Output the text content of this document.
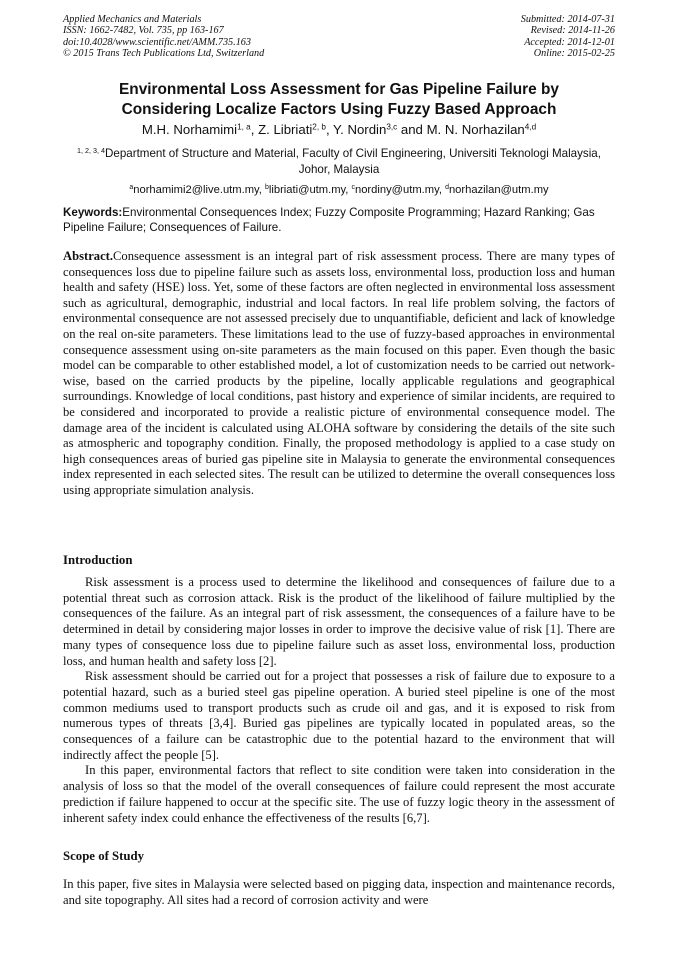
Applied Mechanics and Materials
ISSN: 1662-7482, Vol. 735, pp 163-167
doi:10.4028/www.scientific.net/AMM.735.163
© 2015 Trans Tech Publications Ltd, Switzerland
Submitted: 2014-07-31
Revised: 2014-11-26
Accepted: 2014-12-01
Online: 2015-02-25
Environmental Loss Assessment for Gas Pipeline Failure by
Considering Localize Factors Using Fuzzy Based Approach
M.H. Norhamimi$^{1, a}$, Z. Libriati$^{2, b}$, Y. Nordin$^{3,c}$ and M. N. Norhazilan$^{4,d}$
$^{1, 2, 3, 4}$Department of Structure and Material, Faculty of Civil Engineering, Universiti Teknologi Malaysia, Johor, Malaysia
$^a$norhamimi2@live.utm.my, $^b$libriati@utm.my, $^c$nordiny@utm.my, $^d$norhazilan@utm.my
Keywords:Environmental Consequences Index; Fuzzy Composite Programming; Hazard Ranking; Gas Pipeline Failure; Consequences of Failure.
Abstract.Consequence assessment is an integral part of risk assessment process. There are many types of consequences loss due to pipeline failure such as assets loss, environmental loss, production loss and human health and safety (HSE) loss. Yet, some of these factors are often neglected in environmental loss assessment such as agricultural, demographic, industrial and local factors. In real life problem solving, the factors of environmental consequence are not assessed precisely due to unquantifiable, deficient and lack of knowledge on the real on-site parameters. These limitations lead to the use of fuzzy-based approaches in environmental consequence assessment using on-site parameters as the main focused on this paper. Even though the basic model can be comparable to other established model, a lot of customization needs to be carried out network-wise, based on the carried products by the pipeline, locally applicable regulations and geographical surroundings. Knowledge of local conditions, past history and experience of similar incidents, are required to be considered and incorporated to provide a realistic picture of environmental consequence model. The damage area of the incident is calculated using ALOHA software by considering the details of the site such as atmospheric and topography condition. Finally, the proposed methodology is applied to a case study on high consequences areas of buried gas pipeline site in Malaysia to generate the environmental consequences index represented in each selected sites. The result can be utilized to determine the overall consequences loss using appropriate simulation analysis.
Introduction

Risk assessment is a process used to determine the likelihood and consequences of failure due to a potential threat such as corrosion attack. Risk is the product of the likelihood of failure multiplied by the consequences of the failure. As an integral part of risk assessment, the consequences of a failure have to be determined in detail by considering major losses in order to improve the decisive value of risk [1]. There are many types of consequence loss due to pipeline failure such as asset loss, environmental loss, production loss, and human health and safety loss [2].

Risk assessment should be carried out for a project that possesses a risk of failure due to exposure to a potential hazard, such as a buried steel gas pipeline operation. A buried steel pipeline is one of the most common mediums used to transport products such as crude oil and gas, and it is exposed to risk from numerous types of threats [3,4]. Buried gas pipelines are typically located in populated areas, so the consequences of a failure can be catastrophic due to the potential hazard to the environment that will indirectly affect the people [5].

In this paper, environmental factors that reflect to site condition were taken into consideration in the analysis of loss so that the model of the overall consequences of failure could represent the most accurate prediction if failure happened to occur at the specific site. The use of fuzzy logic theory in the assessment of inherent safety index could enhance the effectiveness of the results [6,7].

Scope of Study

In this paper, five sites in Malaysia were selected based on pigging data, inspection and maintenance records, and site topography. All sites had a record of corrosion activity and were
